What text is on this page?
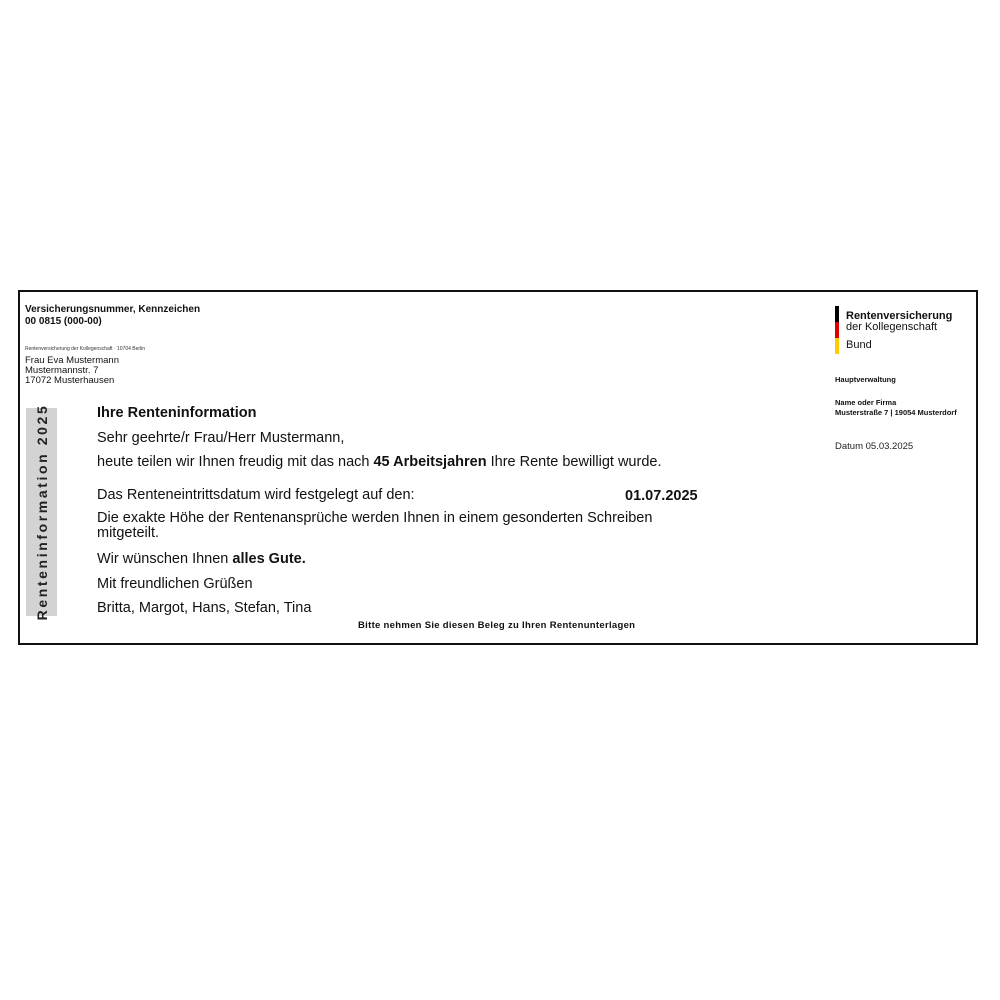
Versicherungsnummer, Kennzeichen
00 0815 (000-00)
Rentenversicherung der Kollegenschaft · 10704 Berlin
Frau Eva Mustermann
Mustermannstr. 7
17072 Musterhausen
Renteninformation 2025	Ihre Renteninformation
Sehr geehrte/r Frau/Herr Mustermann,
heute teilen wir Ihnen freudig mit das nach 45 Arbeitsjahren Ihre Rente bewilligt wurde.
Das Renteneintrittsdatum wird festgelegt auf den:	01.07.2025
Die exakte Höhe der Rentenansprüche werden Ihnen in einem gesonderten Schreiben mitgeteilt.
Wir wünschen Ihnen alles Gute.
Mit freundlichen Grüßen
Britta, Margot, Hans, Stefan, Tina
Bitte nehmen Sie diesen Beleg zu Ihren Rentenunterlagen
Rentenversicherung
der Kollegenschaft
Bund
Hauptverwaltung
Name oder Firma
Musterstraße 7 | 19054 Musterdorf
Datum 05.03.2025
